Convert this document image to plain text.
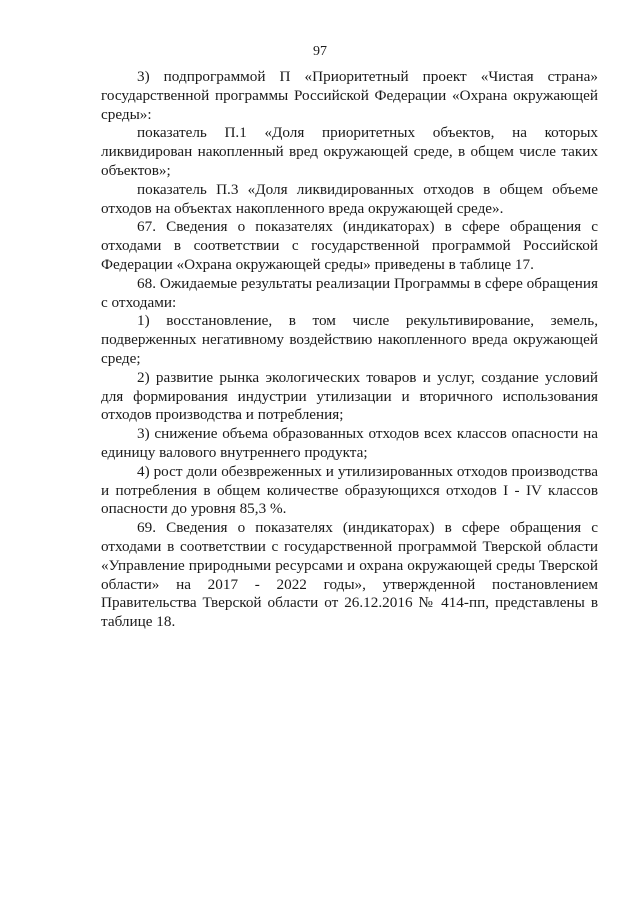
97

3) подпрограммой П «Приоритетный проект «Чистая страна» государственной программы Российской Федерации «Охрана окружающей среды»:

показатель П.1 «Доля приоритетных объектов, на которых ликвидирован накопленный вред окружающей среде, в общем числе таких объектов»;

показатель П.3 «Доля ликвидированных отходов в общем объеме отходов на объектах накопленного вреда окружающей среде».

67. Сведения о показателях (индикаторах) в сфере обращения с отходами в соответствии с государственной программой Российской Федерации «Охрана окружающей среды» приведены в таблице 17.

68. Ожидаемые результаты реализации Программы в сфере обращения с отходами:

1) восстановление, в том числе рекультивирование, земель, подверженных негативному воздействию накопленного вреда окружающей среде;

2) развитие рынка экологических товаров и услуг, создание условий для формирования индустрии утилизации и вторичного использования отходов производства и потребления;

3) снижение объема образованных отходов всех классов опасности на единицу валового внутреннего продукта;

4) рост доли обезвреженных и утилизированных отходов производства и потребления в общем количестве образующихся отходов I - IV классов опасности до уровня 85,3 %.

69. Сведения о показателях (индикаторах) в сфере обращения с отходами в соответствии с государственной программой Тверской области «Управление природными ресурсами и охрана окружающей среды Тверской области» на 2017 - 2022 годы», утвержденной постановлением Правительства Тверской области от 26.12.2016 № 414-пп, представлены в таблице 18.
